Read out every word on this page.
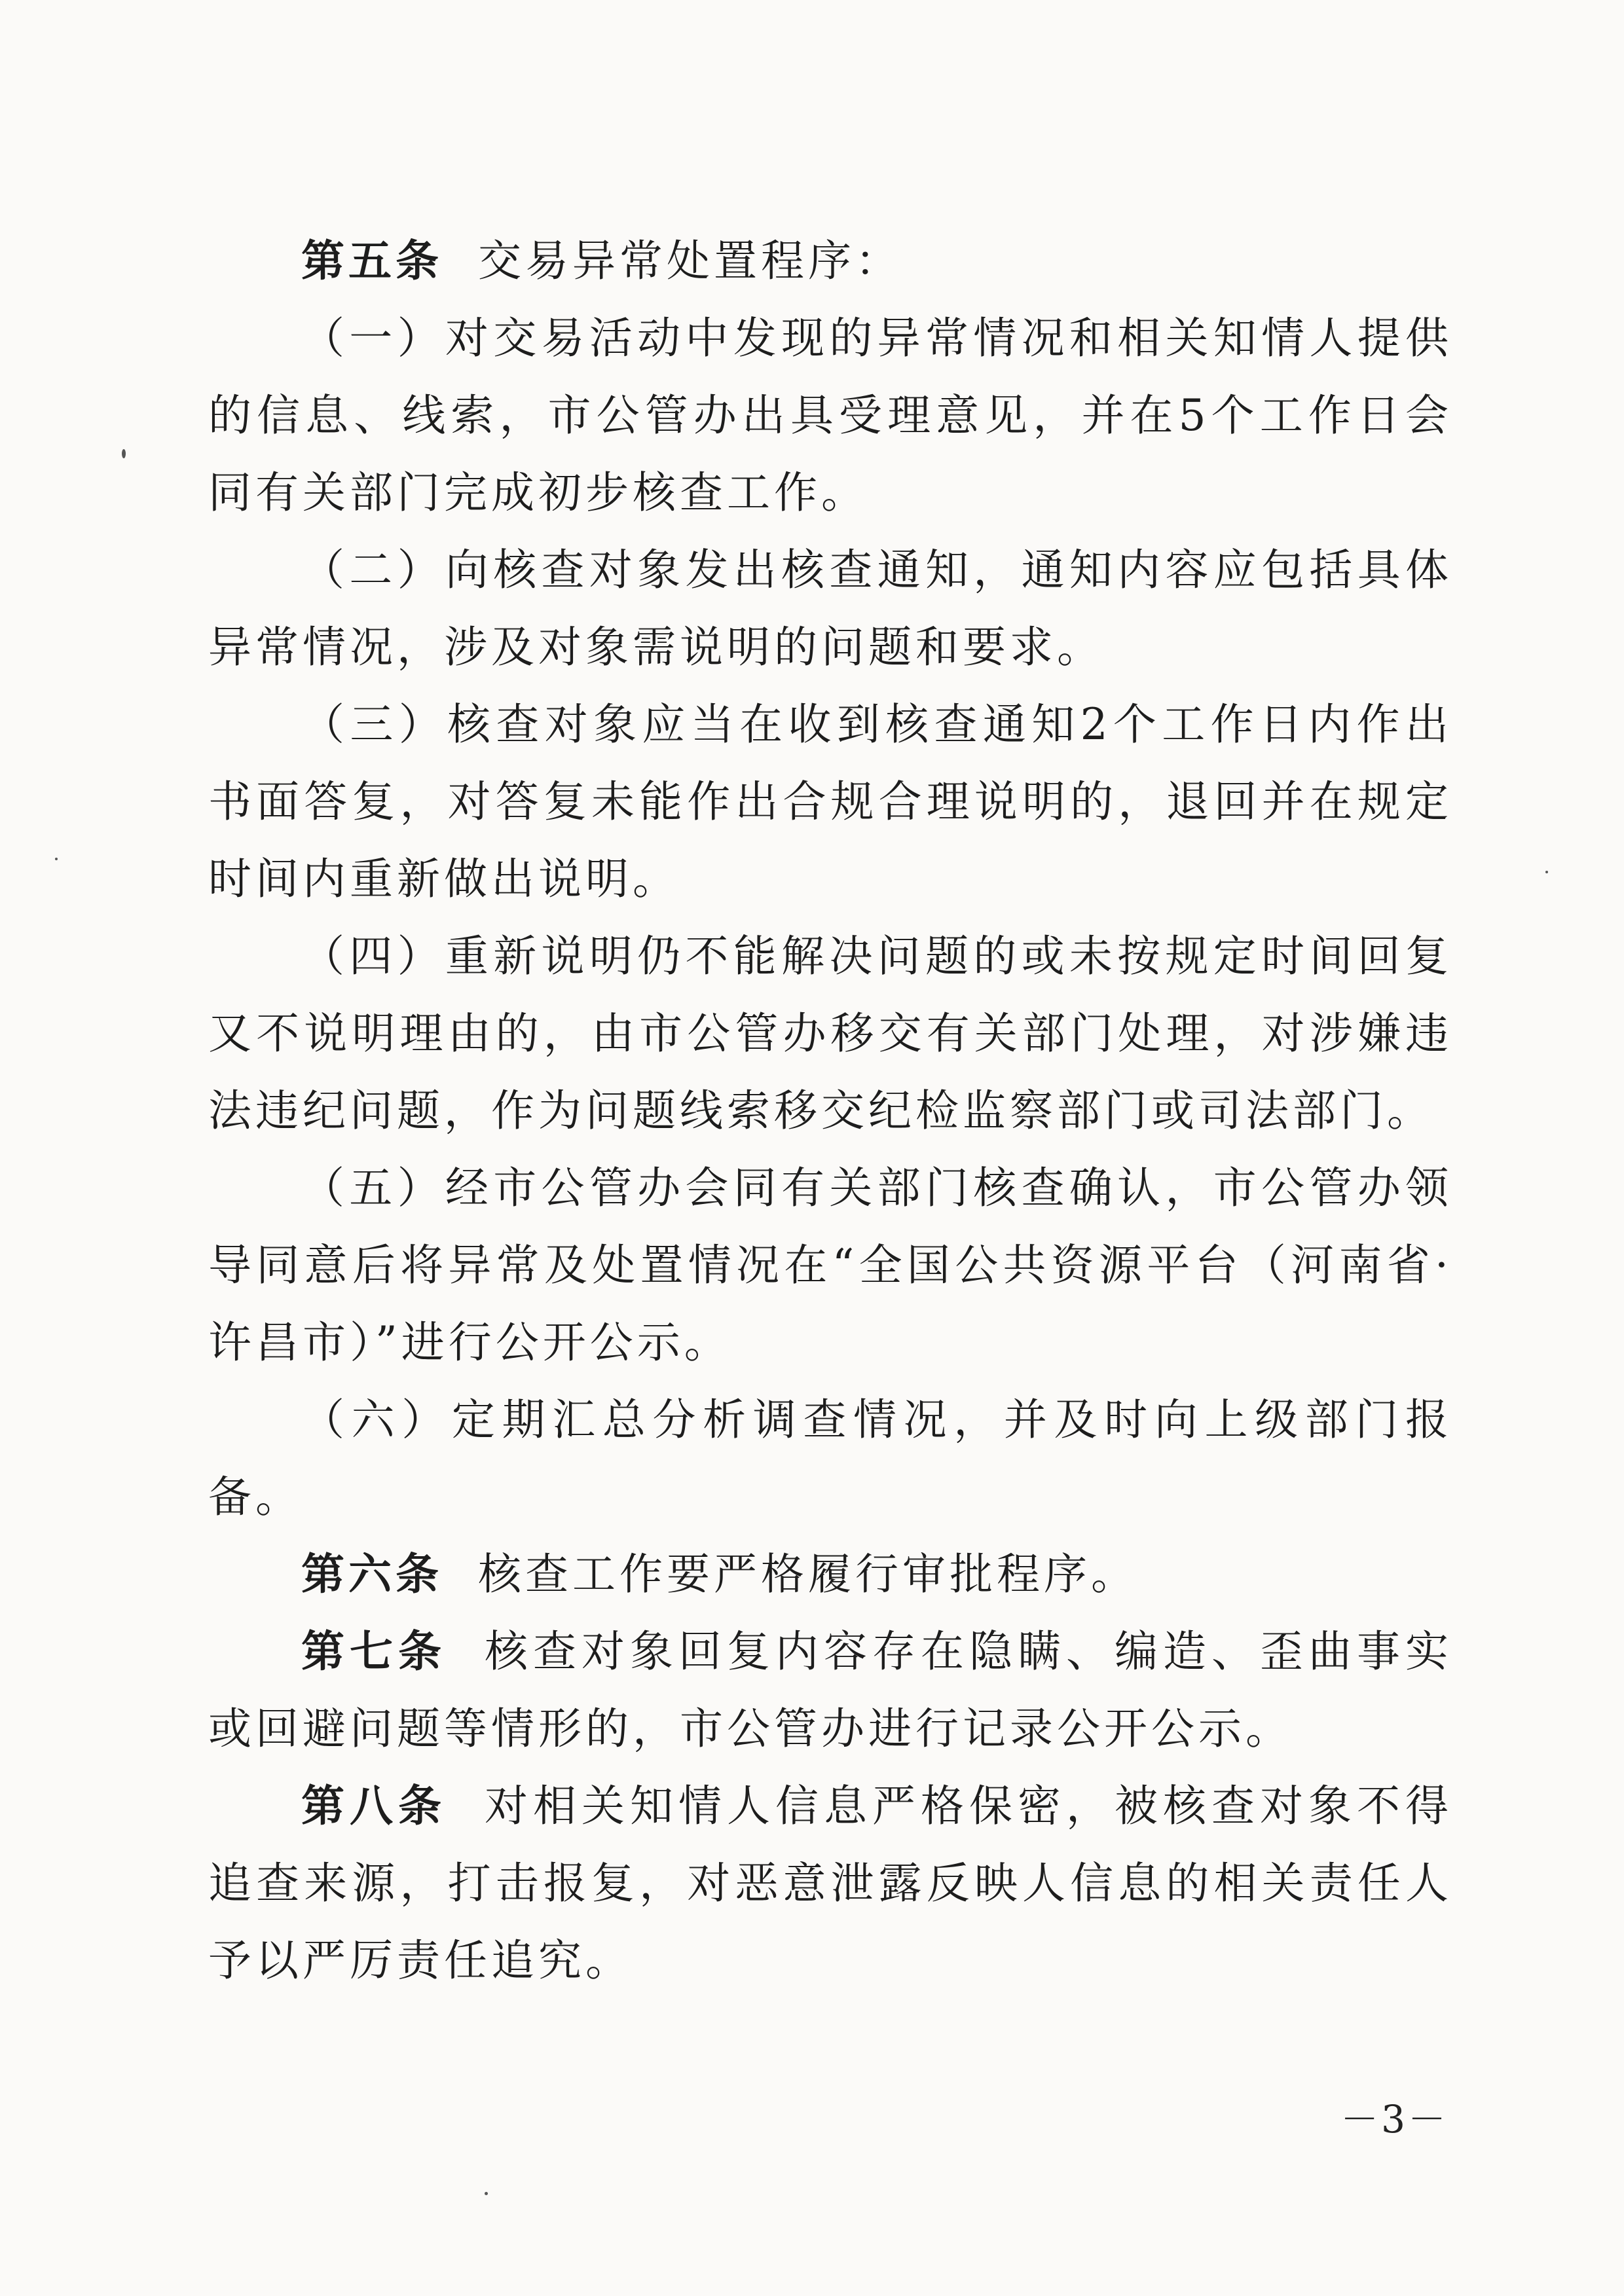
第五条 交易异常处置程序：

（一）对交易活动中发现的异常情况和相关知情人提供的信息、线索，市公管办出具受理意见，并在5个工作日会同有关部门完成初步核查工作。

（二）向核查对象发出核查通知，通知内容应包括具体异常情况，涉及对象需说明的问题和要求。

（三）核查对象应当在收到核查通知2个工作日内作出书面答复，对答复未能作出合规合理说明的，退回并在规定时间内重新做出说明。

（四）重新说明仍不能解决问题的或未按规定时间回复又不说明理由的，由市公管办移交有关部门处理，对涉嫌违法违纪问题，作为问题线索移交纪检监察部门或司法部门。

（五）经市公管办会同有关部门核查确认，市公管办领导同意后将异常及处置情况在“全国公共资源平台（河南省·许昌市）”进行公开公示。

（六）定期汇总分析调查情况，并及时向上级部门报备。

第六条 核查工作要严格履行审批程序。

第七条 核查对象回复内容存在隐瞒、编造、歪曲事实或回避问题等情形的，市公管办进行记录公开公示。

第八条 对相关知情人信息严格保密，被核查对象不得追查来源，打击报复，对恶意泄露反映人信息的相关责任人予以严厉责任追究。

－3－
